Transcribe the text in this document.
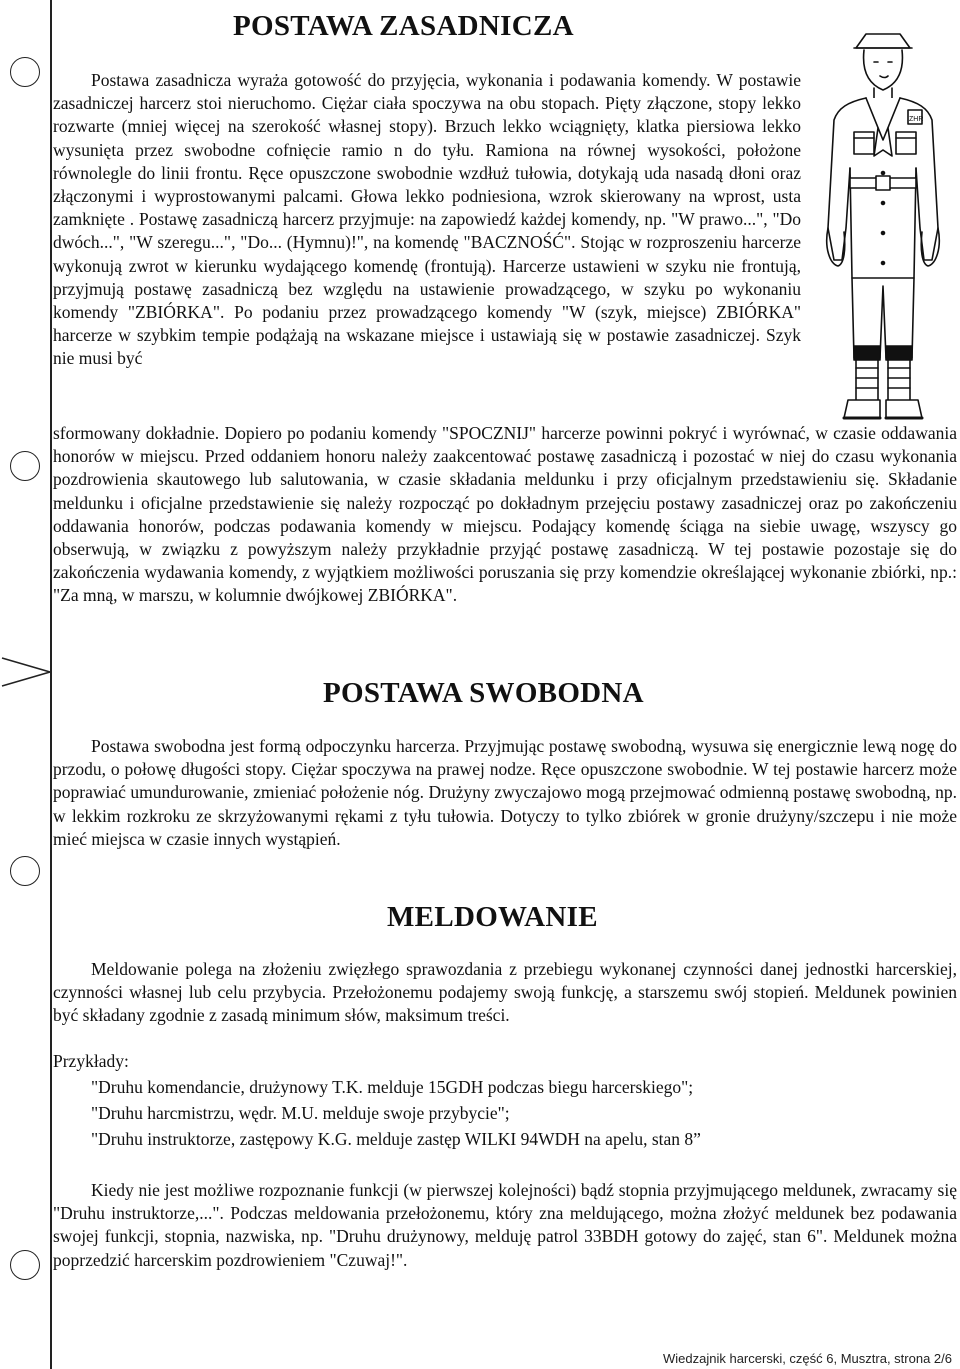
POSTAWA ZASADNICZA

Postawa zasadnicza wyraża gotowość do przyjęcia, wykonania i podawania komendy. W postawie zasadniczej harcerz stoi nieruchomo. Ciężar ciała spoczywa na obu stopach. Pięty złączone, stopy lekko rozwarte (mniej więcej na szerokość własnej stopy). Brzuch lekko wciągnięty, klatka piersiowa lekko wysunięta przez swobodne cofnięcie ramio n do tyłu. Ramiona na równej wysokości, położone równolegle do linii frontu. Ręce opuszczone swobodnie wzdłuż tułowia, dotykają uda nasadą dłoni oraz złączonymi i wyprostowanymi palcami. Głowa lekko podniesiona, wzrok skierowany na wprost, usta zamknięte . Postawę zasadniczą harcerz przyjmuje: na zapowiedź każdej komendy, np. "W prawo...", "Do dwóch...", "W szeregu...", "Do... (Hymnu)!", na komendę "BACZNOŚĆ". Stojąc w rozproszeniu harcerze wykonują zwrot w kierunku wydającego komendę (frontują). Harcerze ustawieni w szyku nie frontują, przyjmują postawę zasadniczą bez względu na ustawienie prowadzącego, w szyku po wykonaniu komendy "ZBIÓRKA". Po podaniu przez prowadzącego komendy "W (szyk, miejsce) ZBIÓRKA" harcerze w szybkim tempie podążają na wskazane miejsce i ustawiają się w postawie zasadniczej. Szyk nie musi być

sformowany dokładnie. Dopiero po podaniu komendy "SPOCZNIJ" harcerze powinni pokryć i wyrównać, w czasie oddawania honorów w miejscu. Przed oddaniem honoru należy zaakcentować postawę zasadniczą i pozostać w niej do czasu wykonania pozdrowienia skautowego lub salutowania, w czasie składania meldunku i przy oficjalnym przedstawieniu się. Składanie meldunku i oficjalne przedstawienie się należy rozpocząć po dokładnym przejęciu postawy zasadniczej oraz po zakończeniu oddawania honorów, podczas podawania komendy w miejscu. Podający komendę ściąga na siebie uwagę, wszyscy go obserwują, w związku z powyższym należy przykładnie przyjąć postawę zasadniczą. W tej postawie pozostaje się do zakończenia wydawania komendy, z wyjątkiem możliwości poruszania się przy komendzie określającej wykonanie zbiórki, np.: "Za mną, w marszu, w kolumnie dwójkowej ZBIÓRKA".

ZHR
POSTAWA SWOBODNA

Postawa swobodna jest formą odpoczynku harcerza. Przyjmując postawę swobodną, wysuwa się energicznie lewą nogę do przodu, o połowę długości stopy. Ciężar spoczywa na prawej nodze. Ręce opuszczone swobodnie. W tej postawie harcerz może poprawiać umundurowanie, zmieniać położenie nóg. Drużyny zwyczajowo mogą przejmować odmienną postawę swobodną, np. w lekkim rozkroku ze skrzyżowanymi rękami z tyłu tułowia. Dotyczy to tylko zbiórek w gronie drużyny/szczepu i nie może mieć miejsca w czasie innych wystąpień.

MELDOWANIE

Meldowanie polega na złożeniu zwięzłego sprawozdania z przebiegu wykonanej czynności danej jednostki harcerskiej, czynności własnej lub celu przybycia. Przełożonemu podajemy swoją funkcję, a starszemu swój stopień. Meldunek powinien być składany zgodnie z zasadą minimum słów, maksimum treści.

Przykłady:
"Druhu komendancie, drużynowy T.K. melduje 15GDH podczas biegu harcerskiego";
"Druhu harcmistrzu, wędr. M.U. melduje swoje przybycie";
"Druhu instruktorze, zastępowy K.G. melduje zastęp WILKI 94WDH na apelu, stan 8”

Kiedy nie jest możliwe rozpoznanie funkcji (w pierwszej kolejności) bądź stopnia przyjmującego meldunek, zwracamy się "Druhu instruktorze,...". Podczas meldowania przełożonemu, który zna meldującego, można złożyć meldunek bez podawania swojej funkcji, stopnia, nazwiska, np. "Druhu drużynowy, melduję patrol 33BDH gotowy do zajęć, stan 6". Meldunek można poprzedzić harcerskim pozdrowieniem "Czuwaj!".

Wiedzajnik harcerski, część 6, Musztra, strona 2/6
